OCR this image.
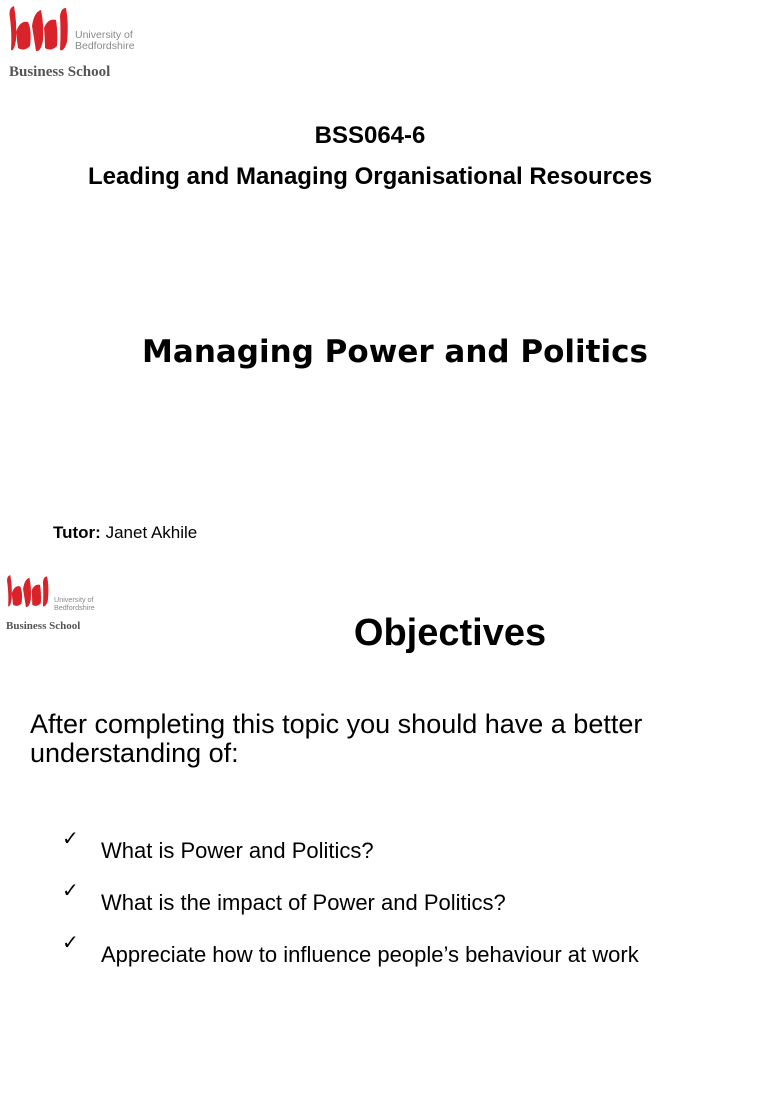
University of
Bedfordshire
Business School
BSS064-6
Leading and Managing Organisational Resources
Managing Power and Politics
Tutor: Janet Akhile
University of
Bedfordshire
Business School	Objectives
After completing this topic you should have a better understanding of:
✓ What is Power and Politics?
✓ What is the impact of Power and Politics?
✓ Appreciate how to influence people’s behaviour at work
